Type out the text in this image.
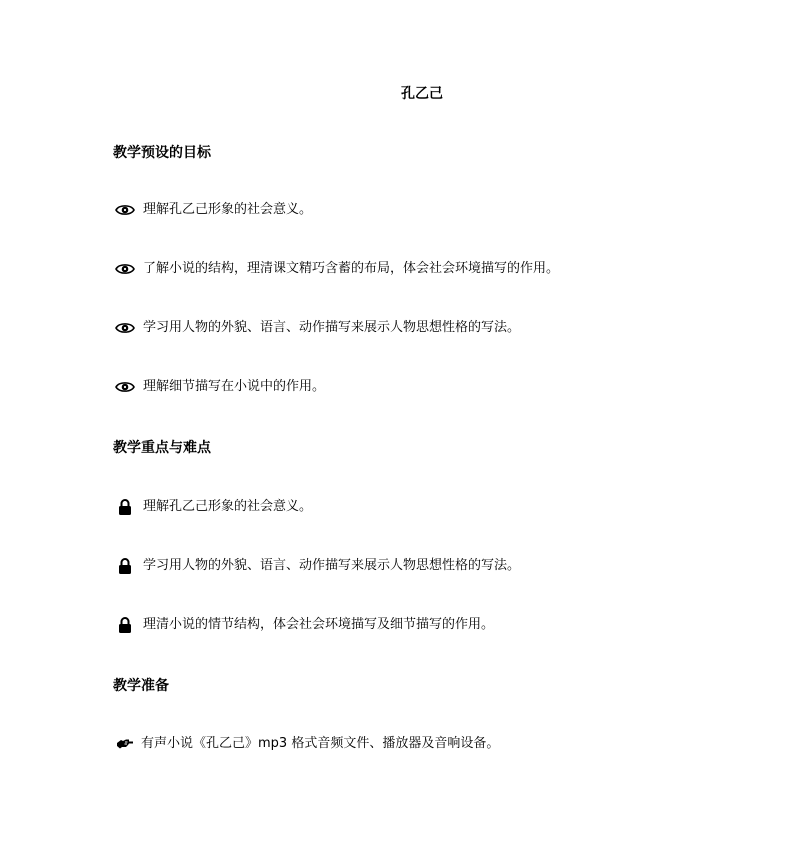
孔乙己
教学预设的目标
理解孔乙己形象的社会意义。
了解小说的结构，理清课文精巧含蓄的布局，体会社会环境描写的作用。
学习用人物的外貌、语言、动作描写来展示人物思想性格的写法。
理解细节描写在小说中的作用。
教学重点与难点
理解孔乙己形象的社会意义。
学习用人物的外貌、语言、动作描写来展示人物思想性格的写法。
理清小说的情节结构，体会社会环境描写及细节描写的作用。
教学准备
有声小说《孔乙己》mp3 格式音频文件、播放器及音响设备。
